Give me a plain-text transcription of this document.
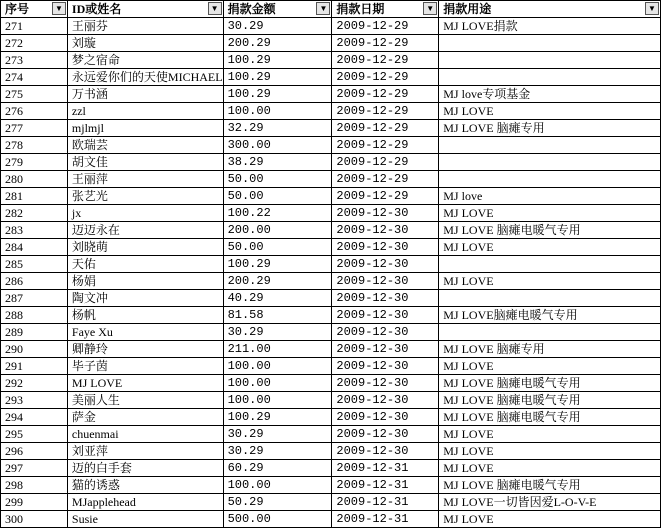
序号 ▼	ID或姓名 ▼	捐款金额 ▼	捐款日期 ▼	捐款用途 ▼

271	王丽芬	30.29	2009-12-29	MJ LOVE捐款
272	刘璇	200.29	2009-12-29	
273	梦之宿命	100.29	2009-12-29	
274	永远爱你们的天使MICHAEL	100.29	2009-12-29	
275	万书涵	100.29	2009-12-29	MJ love专项基金
276	zzl	100.00	2009-12-29	MJ LOVE
277	mjlmjl	32.29	2009-12-29	MJ LOVE 脑瘫专用
278	欧瑞芸	300.00	2009-12-29	
279	胡文佳	38.29	2009-12-29	
280	王丽萍	50.00	2009-12-29	
281	张艺光	50.00	2009-12-29	MJ love
282	jx	100.22	2009-12-30	MJ LOVE
283	迈迈永在	200.00	2009-12-30	MJ LOVE 脑瘫电暖气专用
284	刘晓萌	50.00	2009-12-30	MJ LOVE
285	天佑	100.29	2009-12-30	
286	杨娟	200.29	2009-12-30	MJ LOVE
287	陶文冲	40.29	2009-12-30	
288	杨帆	81.58	2009-12-30	MJ LOVE脑瘫电暖气专用
289	Faye Xu	30.29	2009-12-30	
290	卿静玲	211.00	2009-12-30	MJ LOVE 脑瘫专用
291	毕子茵	100.00	2009-12-30	MJ LOVE
292	MJ LOVE	100.00	2009-12-30	MJ LOVE 脑瘫电暖气专用
293	美丽人生	100.00	2009-12-30	MJ LOVE 脑瘫电暖气专用
294	萨金	100.29	2009-12-30	MJ LOVE 脑瘫电暖气专用
295	chuenmai	30.29	2009-12-30	MJ LOVE
296	刘亚萍	30.29	2009-12-30	MJ LOVE
297	迈的白手套	60.29	2009-12-31	MJ LOVE
298	猫的诱惑	100.00	2009-12-31	MJ LOVE 脑瘫电暖气专用
299	MJapplehead	50.29	2009-12-31	MJ LOVE一切皆因爱L-O-V-E
300	Susie	500.00	2009-12-31	MJ LOVE
